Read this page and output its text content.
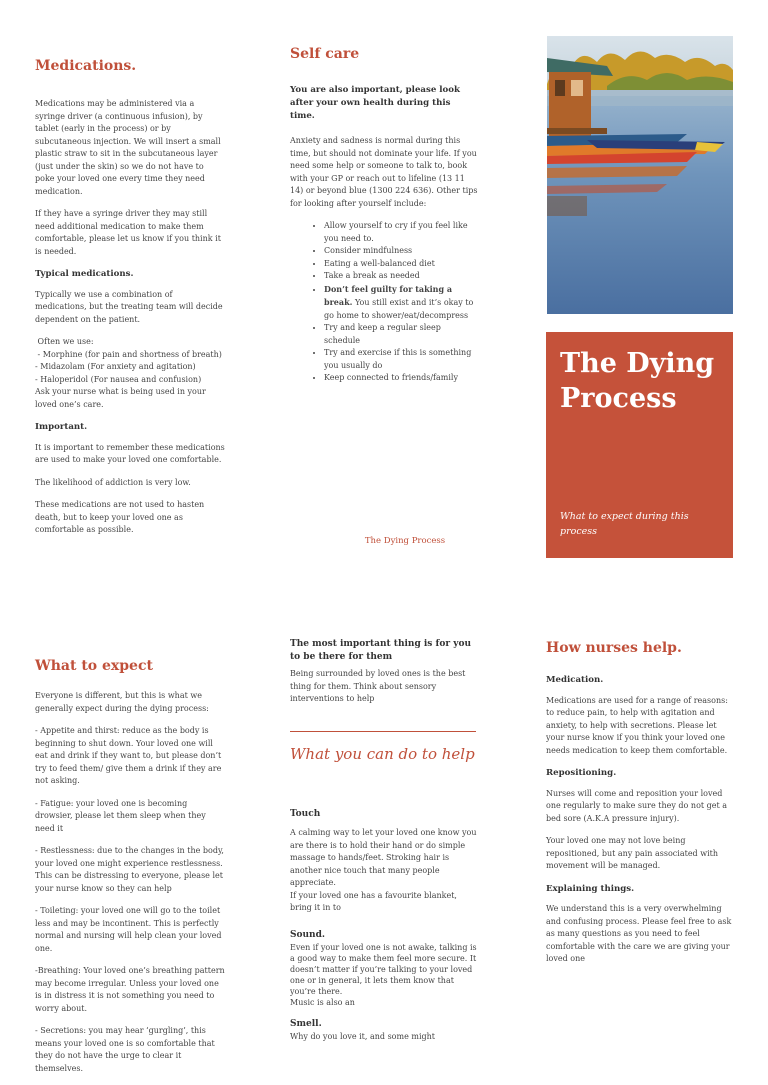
Medications.

Medications may be administered via a syringe driver (a continuous infusion), by tablet (early in the process) or by subcutaneous injection. We will insert a small plastic straw to sit in the subcutaneous layer (just under the skin) so we do not have to poke your loved one every time they need medication.

If they have a syringe driver they may still need additional medication to make them comfortable, please let us know if you think it is needed.

Typical medications.

Typically we use a combination of medications, but the treating team will decide dependent on the patient.

Often we use:
- Morphine (for pain and shortness of breath)
- Midazolam (For anxiety and agitation)
- Haloperidol (For nausea and confusion)

Ask your nurse what is being used in your loved one’s care.

Important.

It is important to remember these medications are used to make your loved one comfortable.

The likelihood of addiction is very low.

These medications are not used to hasten death, but to keep your loved one as comfortable as possible.

Self care
You are also important, please look after your own health during this time.

Anxiety and sadness is normal during this time, but should not dominate your life. If you need some help or someone to talk to, book with your GP or reach out to lifeline (13 11 14) or beyond blue (1300 224 636). Other tips for looking after yourself include:

• Allow yourself to cry if you feel like you need to.
• Consider mindfulness
• Eating a well-balanced diet
• Take a break as needed
• Don’t feel guilty for taking a break. You still exist and it’s okay to go home to shower/eat/decompress
• Try and keep a regular sleep schedule
• Try and exercise if this is something you usually do
• Keep connected to friends/family
The Dying Process
The Dying Process
What to expect during this process
What to expect

Everyone is different, but this is what we generally expect during the dying process:

- Appetite and thirst: reduce as the body is beginning to shut down. Your loved one will eat and drink if they want to, but please don’t try to feed them/ give them a drink if they are not asking.

- Fatigue: your loved one is becoming drowsier, please let them sleep when they need it

- Restlessness: due to the changes in the body, your loved one might experience restlessness. This can be distressing to everyone, please let your nurse know so they can help

- Toileting: your loved one will go to the toilet less and may be incontinent. This is perfectly normal and nursing will help clean your loved one.

-Breathing: Your loved one’s breathing pattern may become irregular. Unless your loved one is in distress it is not something you need to worry about.

- Secretions: you may hear ‘gurgling’, this means your loved one is so comfortable that they do not have the urge to clear it themselves.

The most important thing is for you to be there for them
Being surrounded by loved ones is the best thing for them. Think about sensory interventions to help
What you can do to help
Touch
A calming way to let your loved one know you are there is to hold their hand or do simple massage to hands/feet. Stroking hair is another nice touch that many people appreciate.
If your loved one has a favourite blanket, bring it in to
Sound.
Even if your loved one is not awake, talking is a good way to make them feel more secure. It doesn’t matter if you’re talking to your loved one or in general, it lets them know that you’re there.
Music is also an
Smell.
Why do you love it, and some might
How nurses help.
Medication.

Medications are used for a range of reasons: to reduce pain, to help with agitation and anxiety, to help with secretions. Please let your nurse know if you think your loved one needs medication to keep them comfortable.

Repositioning.

Nurses will come and reposition your loved one regularly to make sure they do not get a bed sore (A.K.A pressure injury).

Your loved one may not love being repositioned, but any pain associated with movement will be managed.

Explaining things.

We understand this is a very overwhelming and confusing process. Please feel free to ask as many questions as you need to feel comfortable with the care we are giving your loved one
